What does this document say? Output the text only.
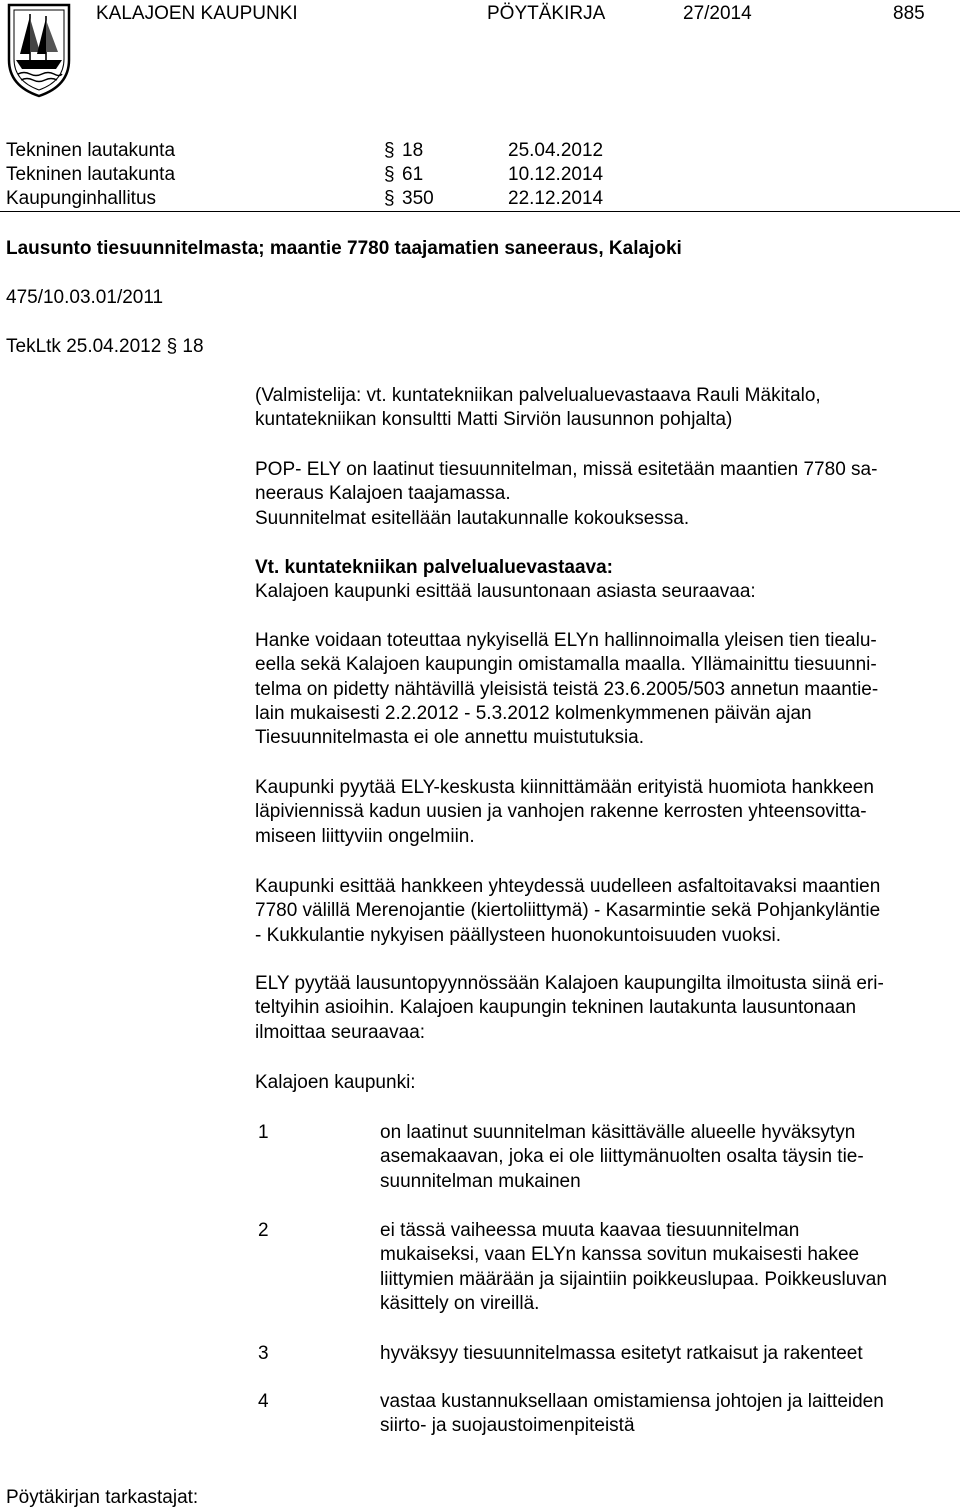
KALAJOEN KAUPUNKI	PÖYTÄKIRJA	27/2014	885
Tekninen lautakunta	§ 18	25.04.2012
Tekninen lautakunta	§ 61	10.12.2014
Kaupunginhallitus	§ 350	22.12.2014
Lausunto tiesuunnitelmasta; maantie 7780 taajamatien saneeraus, Kalajoki
475/10.03.01/2011
TekLtk 25.04.2012 § 18
(Valmistelija: vt. kuntatekniikan palvelualuevastaava Rauli Mäkitalo,
kuntatekniikan konsultti Matti Sirviön lausunnon pohjalta)
POP- ELY on laatinut tiesuunnitelman, missä esitetään maantien 7780 sa-
neeraus Kalajoen taajamassa.
Suunnitelmat esitellään lautakunnalle kokouksessa.
Vt. kuntatekniikan palvelualuevastaava:
Kalajoen kaupunki esittää lausuntonaan asiasta seuraavaa:
Hanke voidaan toteuttaa nykyisellä ELYn hallinnoimalla yleisen tien tiealu-
eella sekä Kalajoen kaupungin omistamalla maalla. Yllämainittu tiesuunni-
telma on pidetty nähtävillä yleisistä teistä 23.6.2005/503 annetun maantie-
lain mukaisesti 2.2.2012 - 5.3.2012 kolmenkymmenen päivän ajan
Tiesuunnitelmasta ei ole annettu muistutuksia.
Kaupunki pyytää ELY-keskusta kiinnittämään erityistä huomiota hankkeen
läpiviennissä kadun uusien ja vanhojen rakenne kerrosten yhteensovitta-
miseen liittyviin ongelmiin.
Kaupunki esittää hankkeen yhteydessä uudelleen asfaltoitavaksi maantien
7780 välillä Merenojantie (kiertoliittymä) - Kasarmintie sekä Pohjankyläntie
- Kukkulantie nykyisen päällysteen huonokuntoisuuden vuoksi.
ELY pyytää lausuntopyynnössään Kalajoen kaupungilta ilmoitusta siinä eri-
teltyihin asioihin. Kalajoen kaupungin tekninen lautakunta lausuntonaan
ilmoittaa seuraavaa:
Kalajoen kaupunki:
1	on laatinut suunnitelman käsittävälle alueelle hyväksytyn
asemakaavan, joka ei ole liittymänuolten osalta täysin tie-
suunnitelman mukainen
2	ei tässä vaiheessa muuta kaavaa tiesuunnitelman
mukaiseksi, vaan ELYn kanssa sovitun mukaisesti hakee
liittymien määrään ja sijaintiin poikkeuslupaa. Poikkeusluvan
käsittely on vireillä.
3	hyväksyy tiesuunnitelmassa esitetyt ratkaisut ja rakenteet
4	vastaa kustannuksellaan omistamiensa johtojen ja laitteiden
siirto- ja suojaustoimenpiteistä
Pöytäkirjan tarkastajat:
